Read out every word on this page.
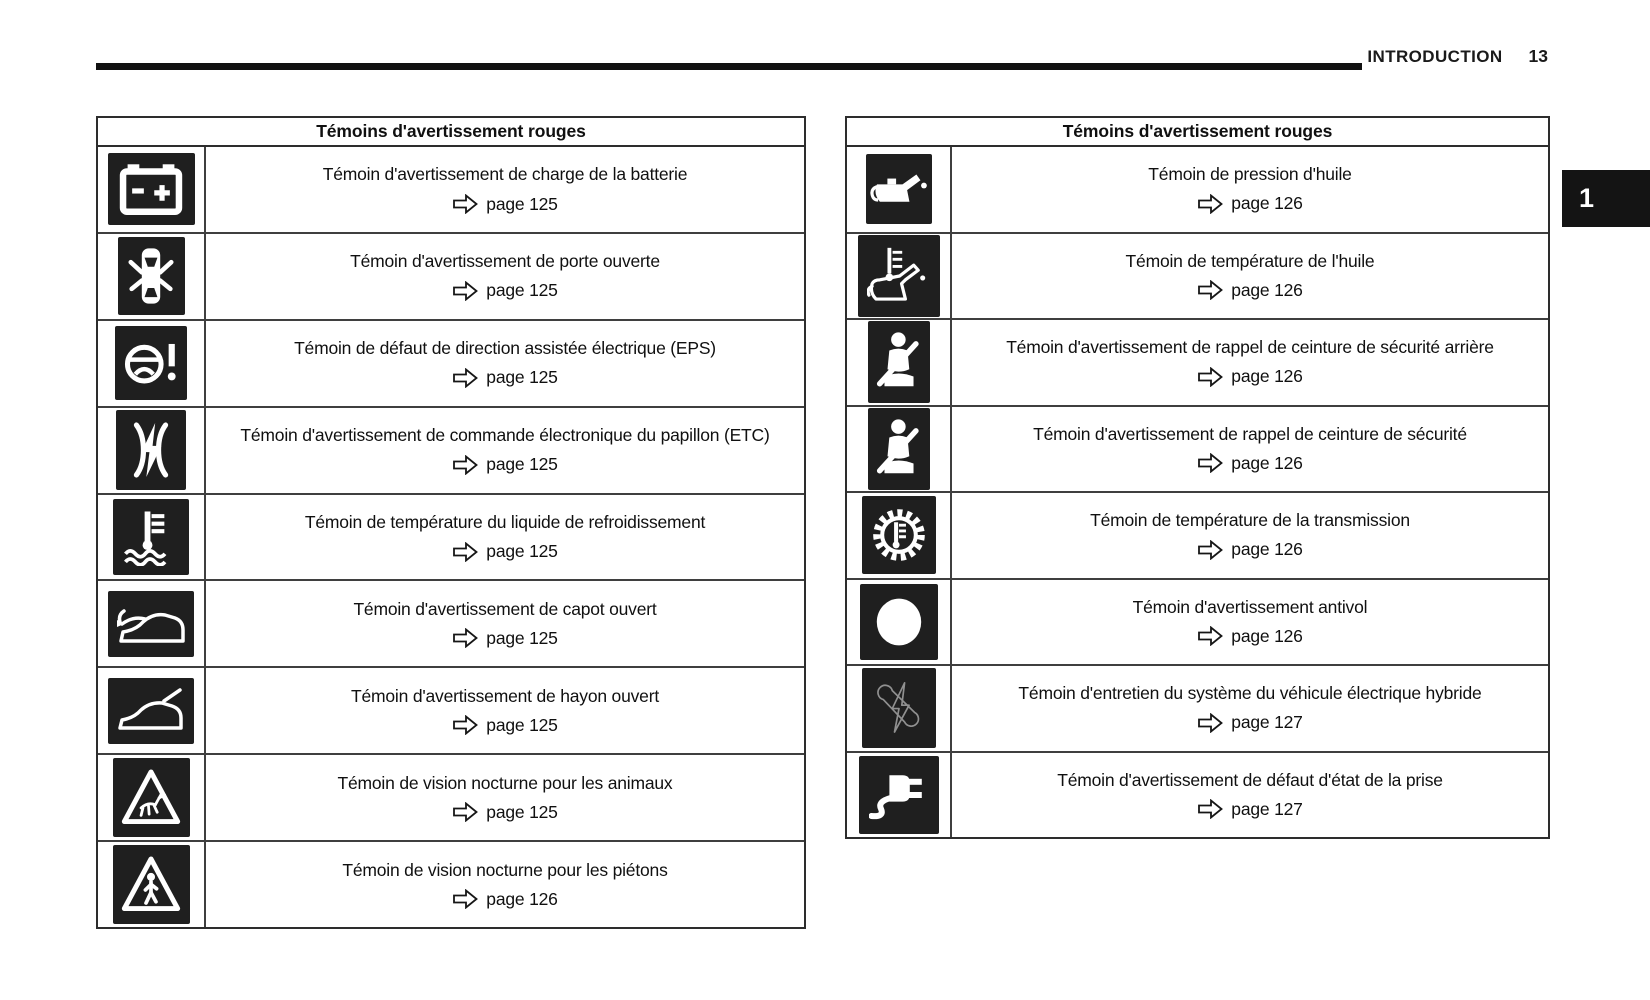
INTRODUCTION 13
1
Témoins d'avertissement rouges
Témoin d'avertissement de charge de la batterie
page 125
Témoin d'avertissement de porte ouverte
page 125
Témoin de défaut de direction assistée électrique (EPS)
page 125
Témoin d'avertissement de commande électronique du papillon (ETC)
page 125
Témoin de température du liquide de refroidissement
page 125
Témoin d'avertissement de capot ouvert
page 125
Témoin d'avertissement de hayon ouvert
page 125
Témoin de vision nocturne pour les animaux
page 125
Témoin de vision nocturne pour les piétons
page 126
Témoins d'avertissement rouges
Témoin de pression d'huile
page 126
Témoin de température de l'huile
page 126
Témoin d'avertissement de rappel de ceinture de sécurité arrière
page 126
Témoin d'avertissement de rappel de ceinture de sécurité
page 126
Témoin de température de la transmission
page 126
Témoin d'avertissement antivol
page 126
Témoin d'entretien du système du véhicule électrique hybride
page 127
Témoin d'avertissement de défaut d'état de la prise
page 127
